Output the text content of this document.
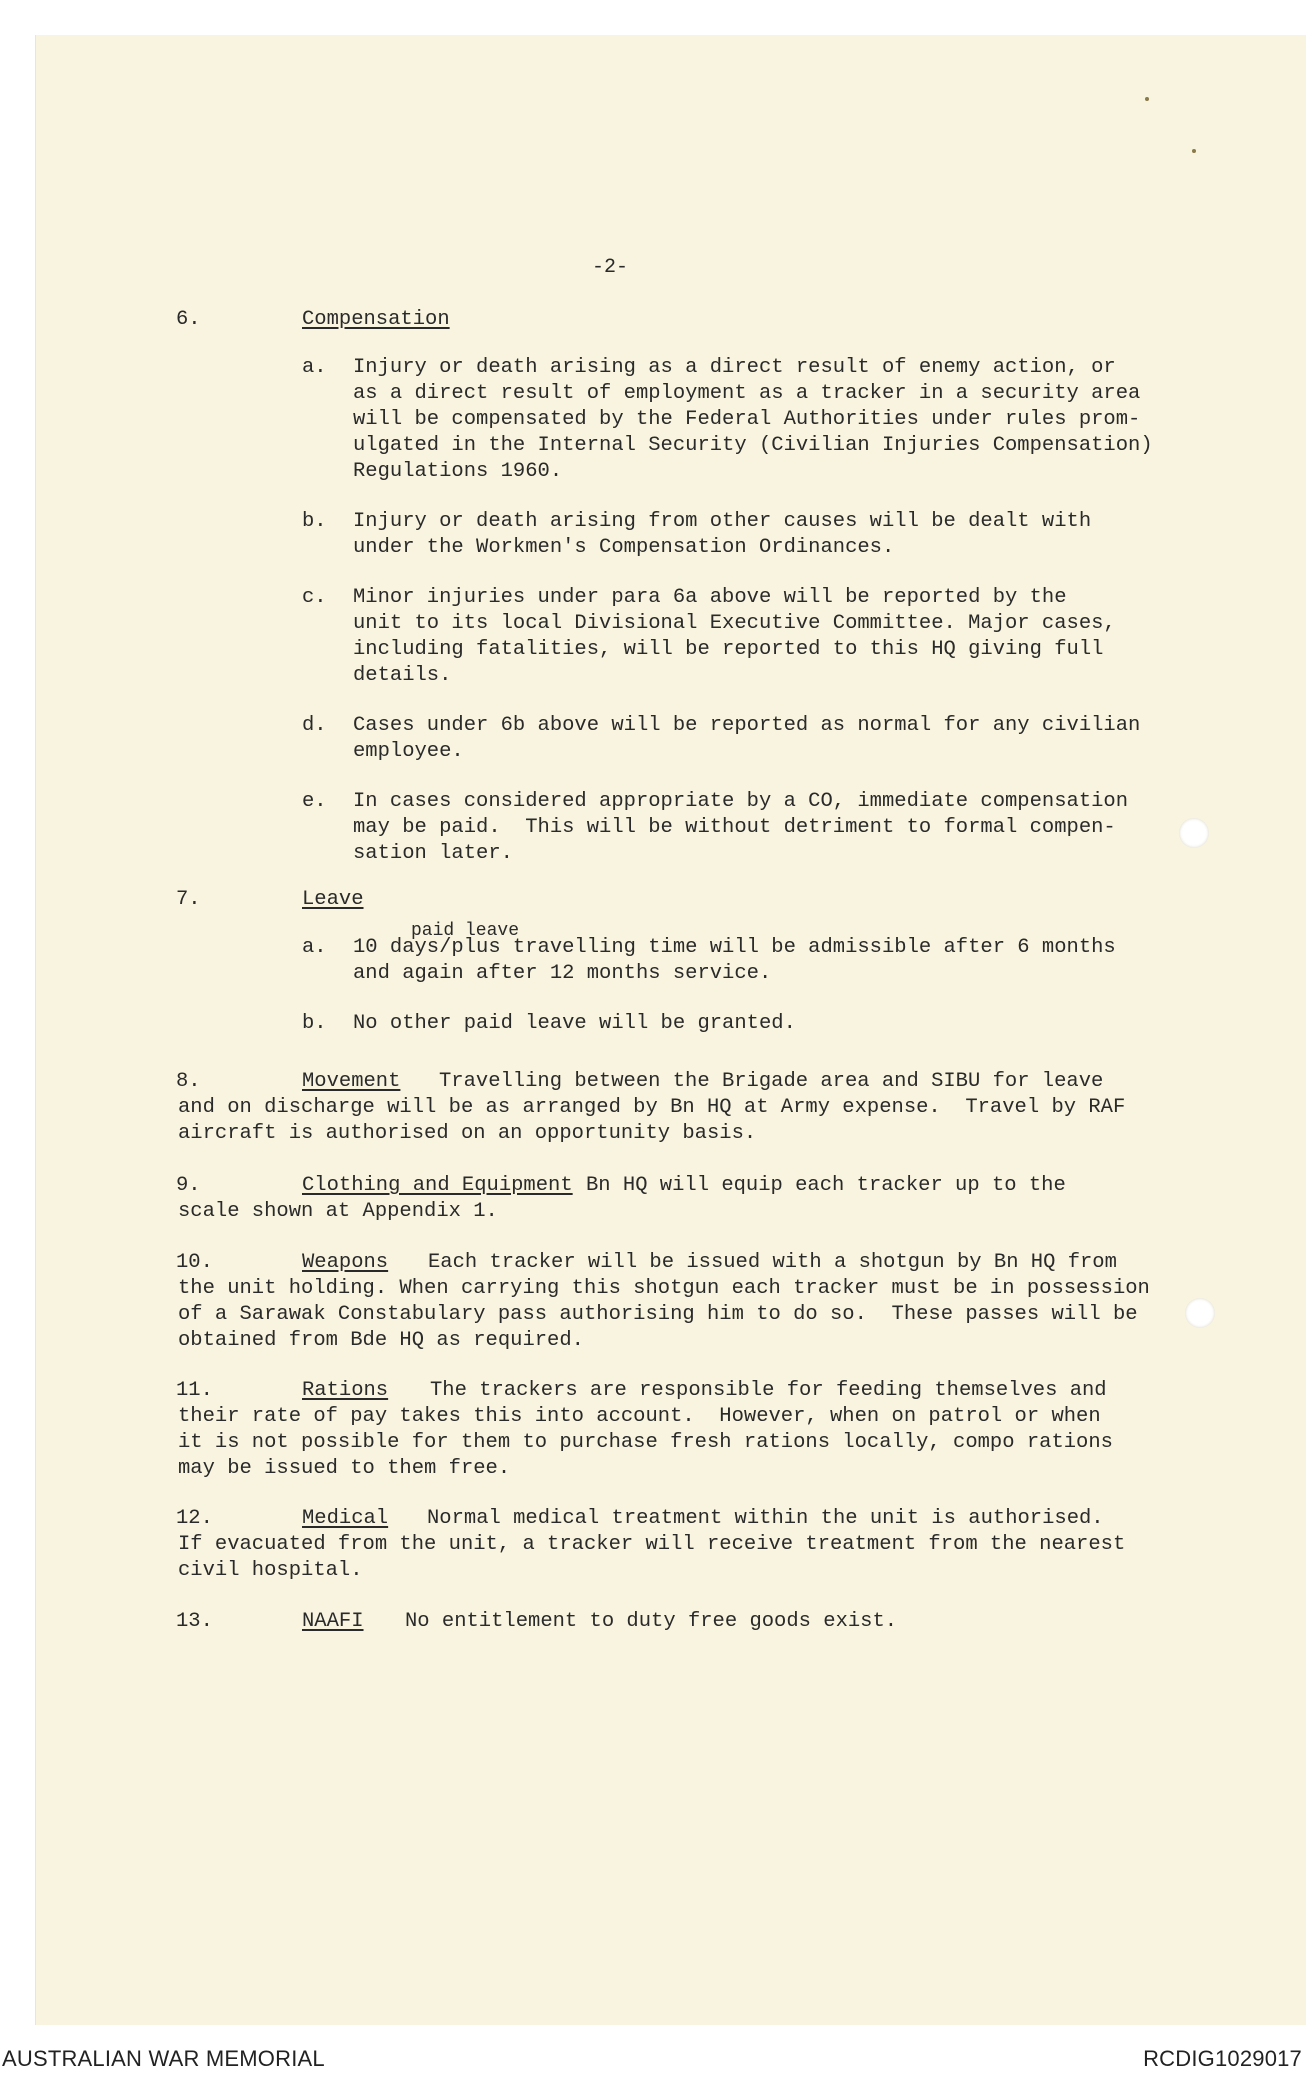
-2-
6.	Compensation
a. Injury or death arising as a direct result of enemy action, or
as a direct result of employment as a tracker in a security area
will be compensated by the Federal Authorities under rules prom-
ulgated in the Internal Security (Civilian Injuries Compensation)
Regulations 1960.
b. Injury or death arising from other causes will be dealt with
under the Workmen's Compensation Ordinances.
c. Minor injuries under para 6a above will be reported by the
unit to its local Divisional Executive Committee. Major cases,
including fatalities, will be reported to this HQ giving full
details.
d. Cases under 6b above will be reported as normal for any civilian
employee.
e. In cases considered appropriate by a CO, immediate compensation
may be paid.  This will be without detriment to formal compen-
sation later.
7.	Leave
a.
paid leave
10 days/plus travelling time will be admissible after 6 months
and again after 12 months service.
b. No other paid leave will be granted.
8.	Movement Travelling between the Brigade area and SIBU for leave
and on discharge will be as arranged by Bn HQ at Army expense.  Travel by RAF
aircraft is authorised on an opportunity basis.
9.	Clothing and Equipment Bn HQ will equip each tracker up to the
scale shown at Appendix 1.
10.	Weapons Each tracker will be issued with a shotgun by Bn HQ from
the unit holding. When carrying this shotgun each tracker must be in possession
of a Sarawak Constabulary pass authorising him to do so.  These passes will be
obtained from Bde HQ as required.
11.	Rations The trackers are responsible for feeding themselves and
their rate of pay takes this into account.  However, when on patrol or when
it is not possible for them to purchase fresh rations locally, compo rations
may be issued to them free.
12.	Medical Normal medical treatment within the unit is authorised.
If evacuated from the unit, a tracker will receive treatment from the nearest
civil hospital.
13.	NAAFI No entitlement to duty free goods exist.
AUSTRALIAN WAR MEMORIAL	RCDIG1029017
